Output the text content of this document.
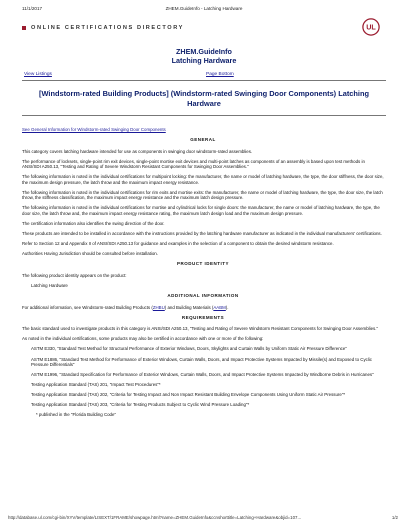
11/1/2017	ZHEM.GuideInfo - Latching Hardware
ONLINE CERTIFICATIONS DIRECTORY	UL
ZHEM.GuideInfo
Latching Hardware
View Listings	Page Bottom
[Windstorm-rated Building Products] (Windstorm-rated Swinging Door Components) Latching Hardware

See General Information for Windstorm-rated Swinging Door Components

GENERAL

This category covers latching hardware intended for use as components in swinging door windstorm-rated assemblies.

The performance of locksets, single-point rim exit devices, single-point mortise exit devices and multi-point latches as components of an assembly is based upon test methods in ANSI/SDI A250.13, "Testing and Rating of Severe Windstorm Resistant Components for Swinging Door Assemblies."

The following information is noted in the individual certifications for multipoint locking: the manufacturer, the name or model of latching hardware, the type, the door stiffness, the door size, the maximum design pressure, the latch throw and the maximum impact energy resistance.

The following information is noted in the individual certifications for rim exits and mortise exits: the manufacturer, the name or model of latching hardware, the type, the door size, the latch throw, the stiffness classification, the maximum impact energy resistance and the maximum latch design pressure.

The following information is noted in the individual certifications for mortise and cylindrical locks for single doors: the manufacturer, the name or model of latching hardware, the type, the door size, the latch throw and, the maximum impact energy resistance rating, the maximum latch design load and the maximum design pressure.

The certification information also identifies the swing direction of the door.

These products are intended to be installed in accordance with the instructions provided by the latching hardware manufacturer as indicated in the individual manufacturers' certifications.

Refer to Section 12 and Appendix II of ANSI/SDI A250.13 for guidance and examples in the selection of a component to obtain the desired windstorm resistance.

Authorities Having Jurisdiction should be consulted before installation.

PRODUCT IDENTITY

The following product identity appears on the product:

Latching Hardware

ADDITIONAL INFORMATION

For additional information, see Windstorm-rated Building Products (ZHBU) and Building Materials (AABM).

REQUIREMENTS

The basic standard used to investigate products in this category is ANSI/SDI A250.13, "Testing and Rating of Severe Windstorm Resistant Components for Swinging Door Assemblies."

As noted in the individual certifications, some products may also be certified in accordance with one or more of the following:

ASTM E330, "Standard Test Method for Structural Performance of Exterior Windows, Doors, Skylights and Curtain Walls by Uniform Static Air Pressure Difference"

ASTM E1886, "Standard Test Method for Performance of Exterior Windows, Curtain Walls, Doors, and Impact Protective Systems Impacted by Missile(s) and Exposed to Cyclic Pressure Differentials"

ASTM E1996, "Standard Specification for Performance of Exterior Windows, Curtain Walls, Doors, and Impact Protective Systems Impacted by Windborne Debris in Hurricanes"

Testing Application Standard (TAS) 201, "Impact Test Procedures"*

Testing Application Standard (TAS) 202, "Criteria for Testing Impact and Non Impact Resistant Building Envelope Components Using Uniform Static Air Pressure"*

Testing Application Standard (TAS) 203, "Criteria for Testing Products Subject to Cyclic Wind Pressure Loading"*

* published in the "Florida Building Code"

http://database.ul.com/cgi-bin/XYV/template/LISEXT/1FRAME/showpage.html?name=ZHEM.GuideInfo&ccnshorttitle=Latching+Hardware&objid=107...	1/2
